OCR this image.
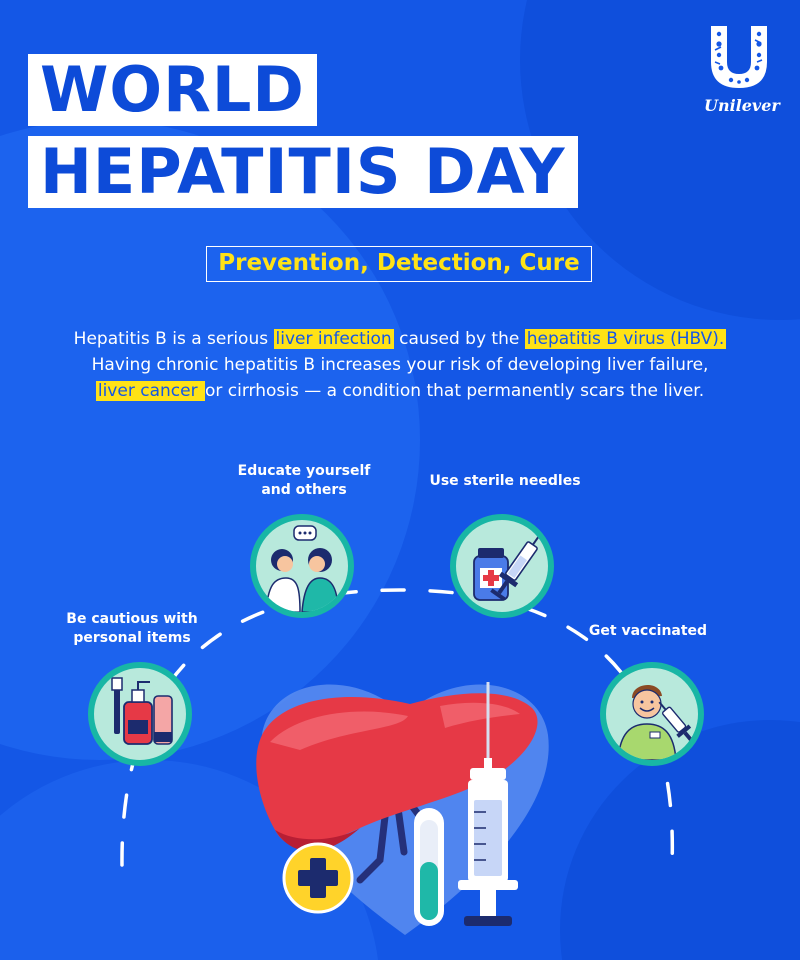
WORLD
HEPATITIS DAY
Unilever
Prevention, Detection, Cure
Hepatitis B is a serious liver infection caused by the hepatitis B virus (HBV).
Having chronic hepatitis B increases your risk of developing liver failure,
liver cancer or cirrhosis — a condition that permanently scars the liver.
Be cautious with
personal items
Educate yourself
and others
Use sterile needles
Get vaccinated
